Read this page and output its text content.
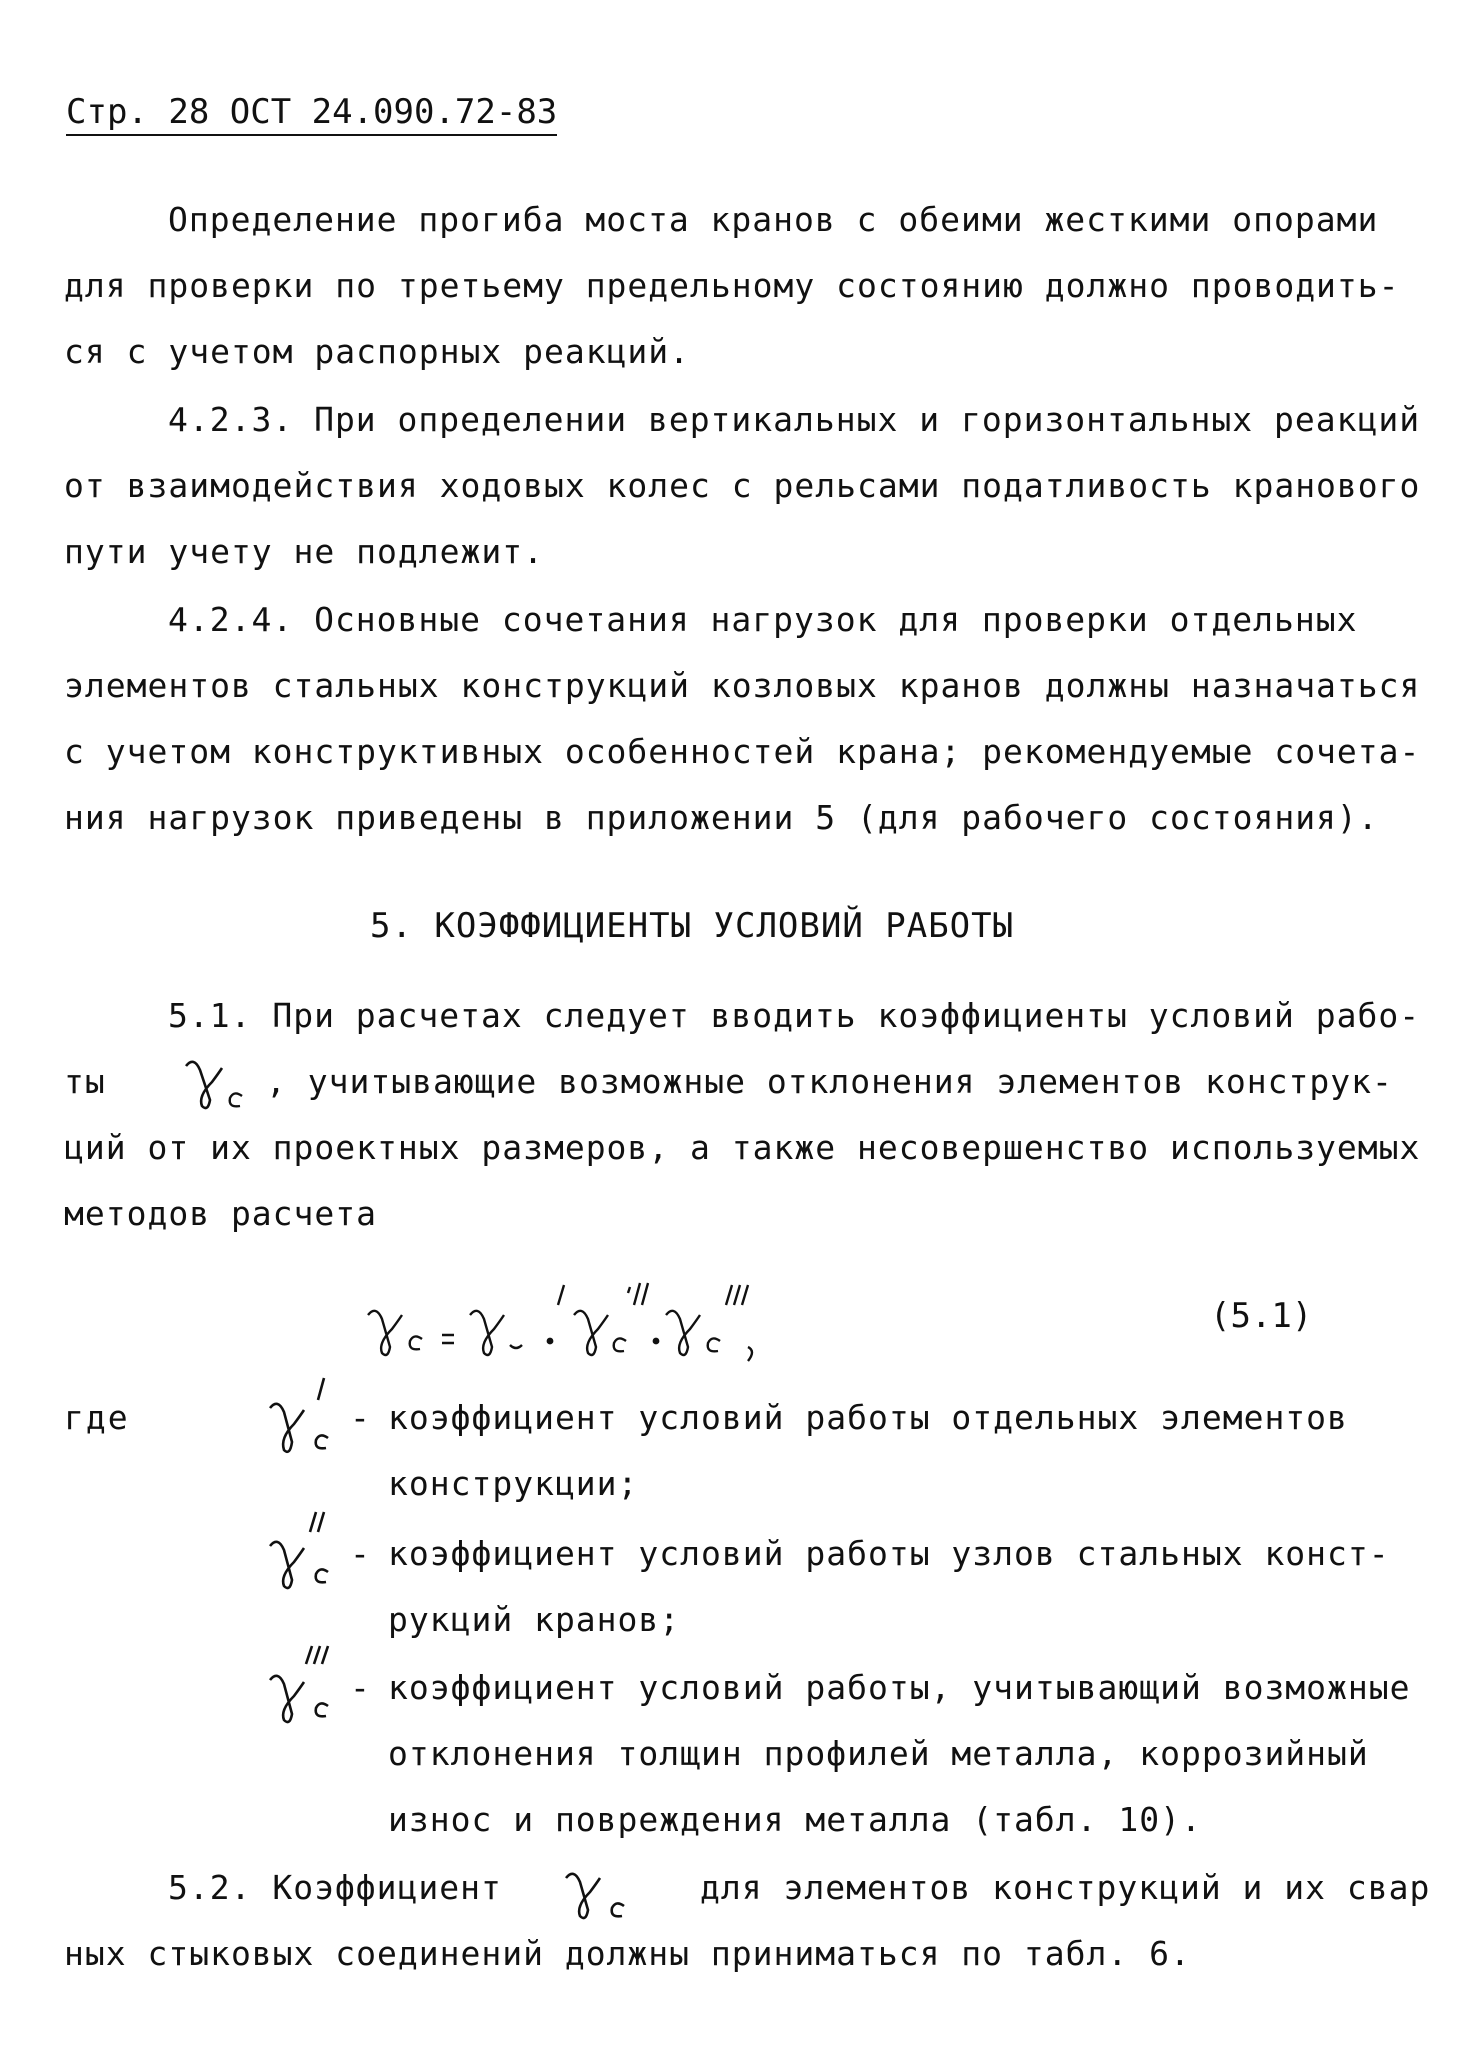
Стр. 28 ОСТ 24.090.72-83
Определение прогиба моста кранов с обеими жесткими опорами
для проверки по третьему предельному состоянию должно проводить-
ся с учетом распорных реакций.
4.2.3. При определении вертикальных и горизонтальных реакций
от взаимодействия ходовых колес с рельсами податливость кранового
пути учету не подлежит.
4.2.4. Основные сочетания нагрузок для проверки отдельных
элементов стальных конструкций козловых кранов должны назначаться
с учетом конструктивных особенностей крана; рекомендуемые сочета-
ния нагрузок приведены в приложении 5 (для рабочего состояния).
5. КОЭФФИЦИЕНТЫ УСЛОВИЙ РАБОТЫ
5.1. При расчетах следует вводить коэффициенты условий рабо-
ты	, учитывающие возможные отклонения элементов конструк-
ций от их проектных размеров, а также несовершенство используемых
методов расчета
(5.1)
где	- коэффициент условий работы отдельных элементов
конструкции;
- коэффициент условий работы узлов стальных конст-
рукций кранов;
- коэффициент условий работы, учитывающий возможные
отклонения толщин профилей металла, коррозийный
износ и повреждения металла (табл. 10).
5.2. Коэффициент	для элементов конструкций и их свар
ных стыковых соединений должны приниматься по табл. 6.
